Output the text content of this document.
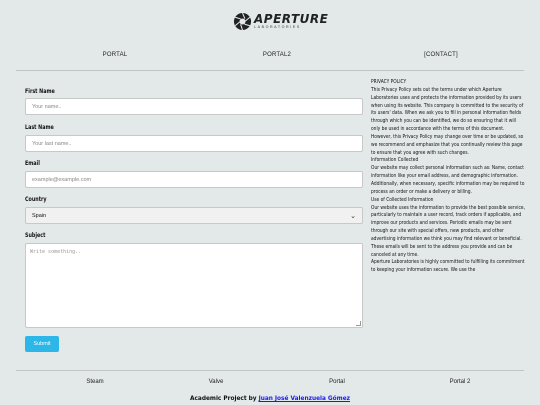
APERTURE
LABORATORIES
PORTAL	PORTAL2	[CONTACT]
First Name
Your name..
Last Name
Your last name..
Email
example@example.com
Country
Spain	⌄
Subject
Write something..
Submit

PRIVACY POLICY

This Privacy Policy sets out the terms under which Aperture Laboratories uses and protects the information provided by its users when using its website. This company is committed to the security of its users' data. When we ask you to fill in personal information fields through which you can be identified, we do so ensuring that it will only be used in accordance with the terms of this document. However, this Privacy Policy may change over time or be updated, so we recommend and emphasize that you continually review this page to ensure that you agree with such changes.

Information Collected

Our website may collect personal information such as: Name, contact information like your email address, and demographic information. Additionally, when necessary, specific information may be required to process an order or make a delivery or billing.

Use of Collected Information

Our website uses the information to provide the best possible service, particularly to maintain a user record, track orders if applicable, and improve our products and services. Periodic emails may be sent through our site with special offers, new products, and other advertising information we think you may find relevant or beneficial. These emails will be sent to the address you provide and can be canceled at any time.

Aperture Laboratories is highly committed to fulfilling its commitment to keeping your information secure. We use the

Steam	Valve	Portal	Portal 2
Academic Project by Juan José Valenzuela Gómez
